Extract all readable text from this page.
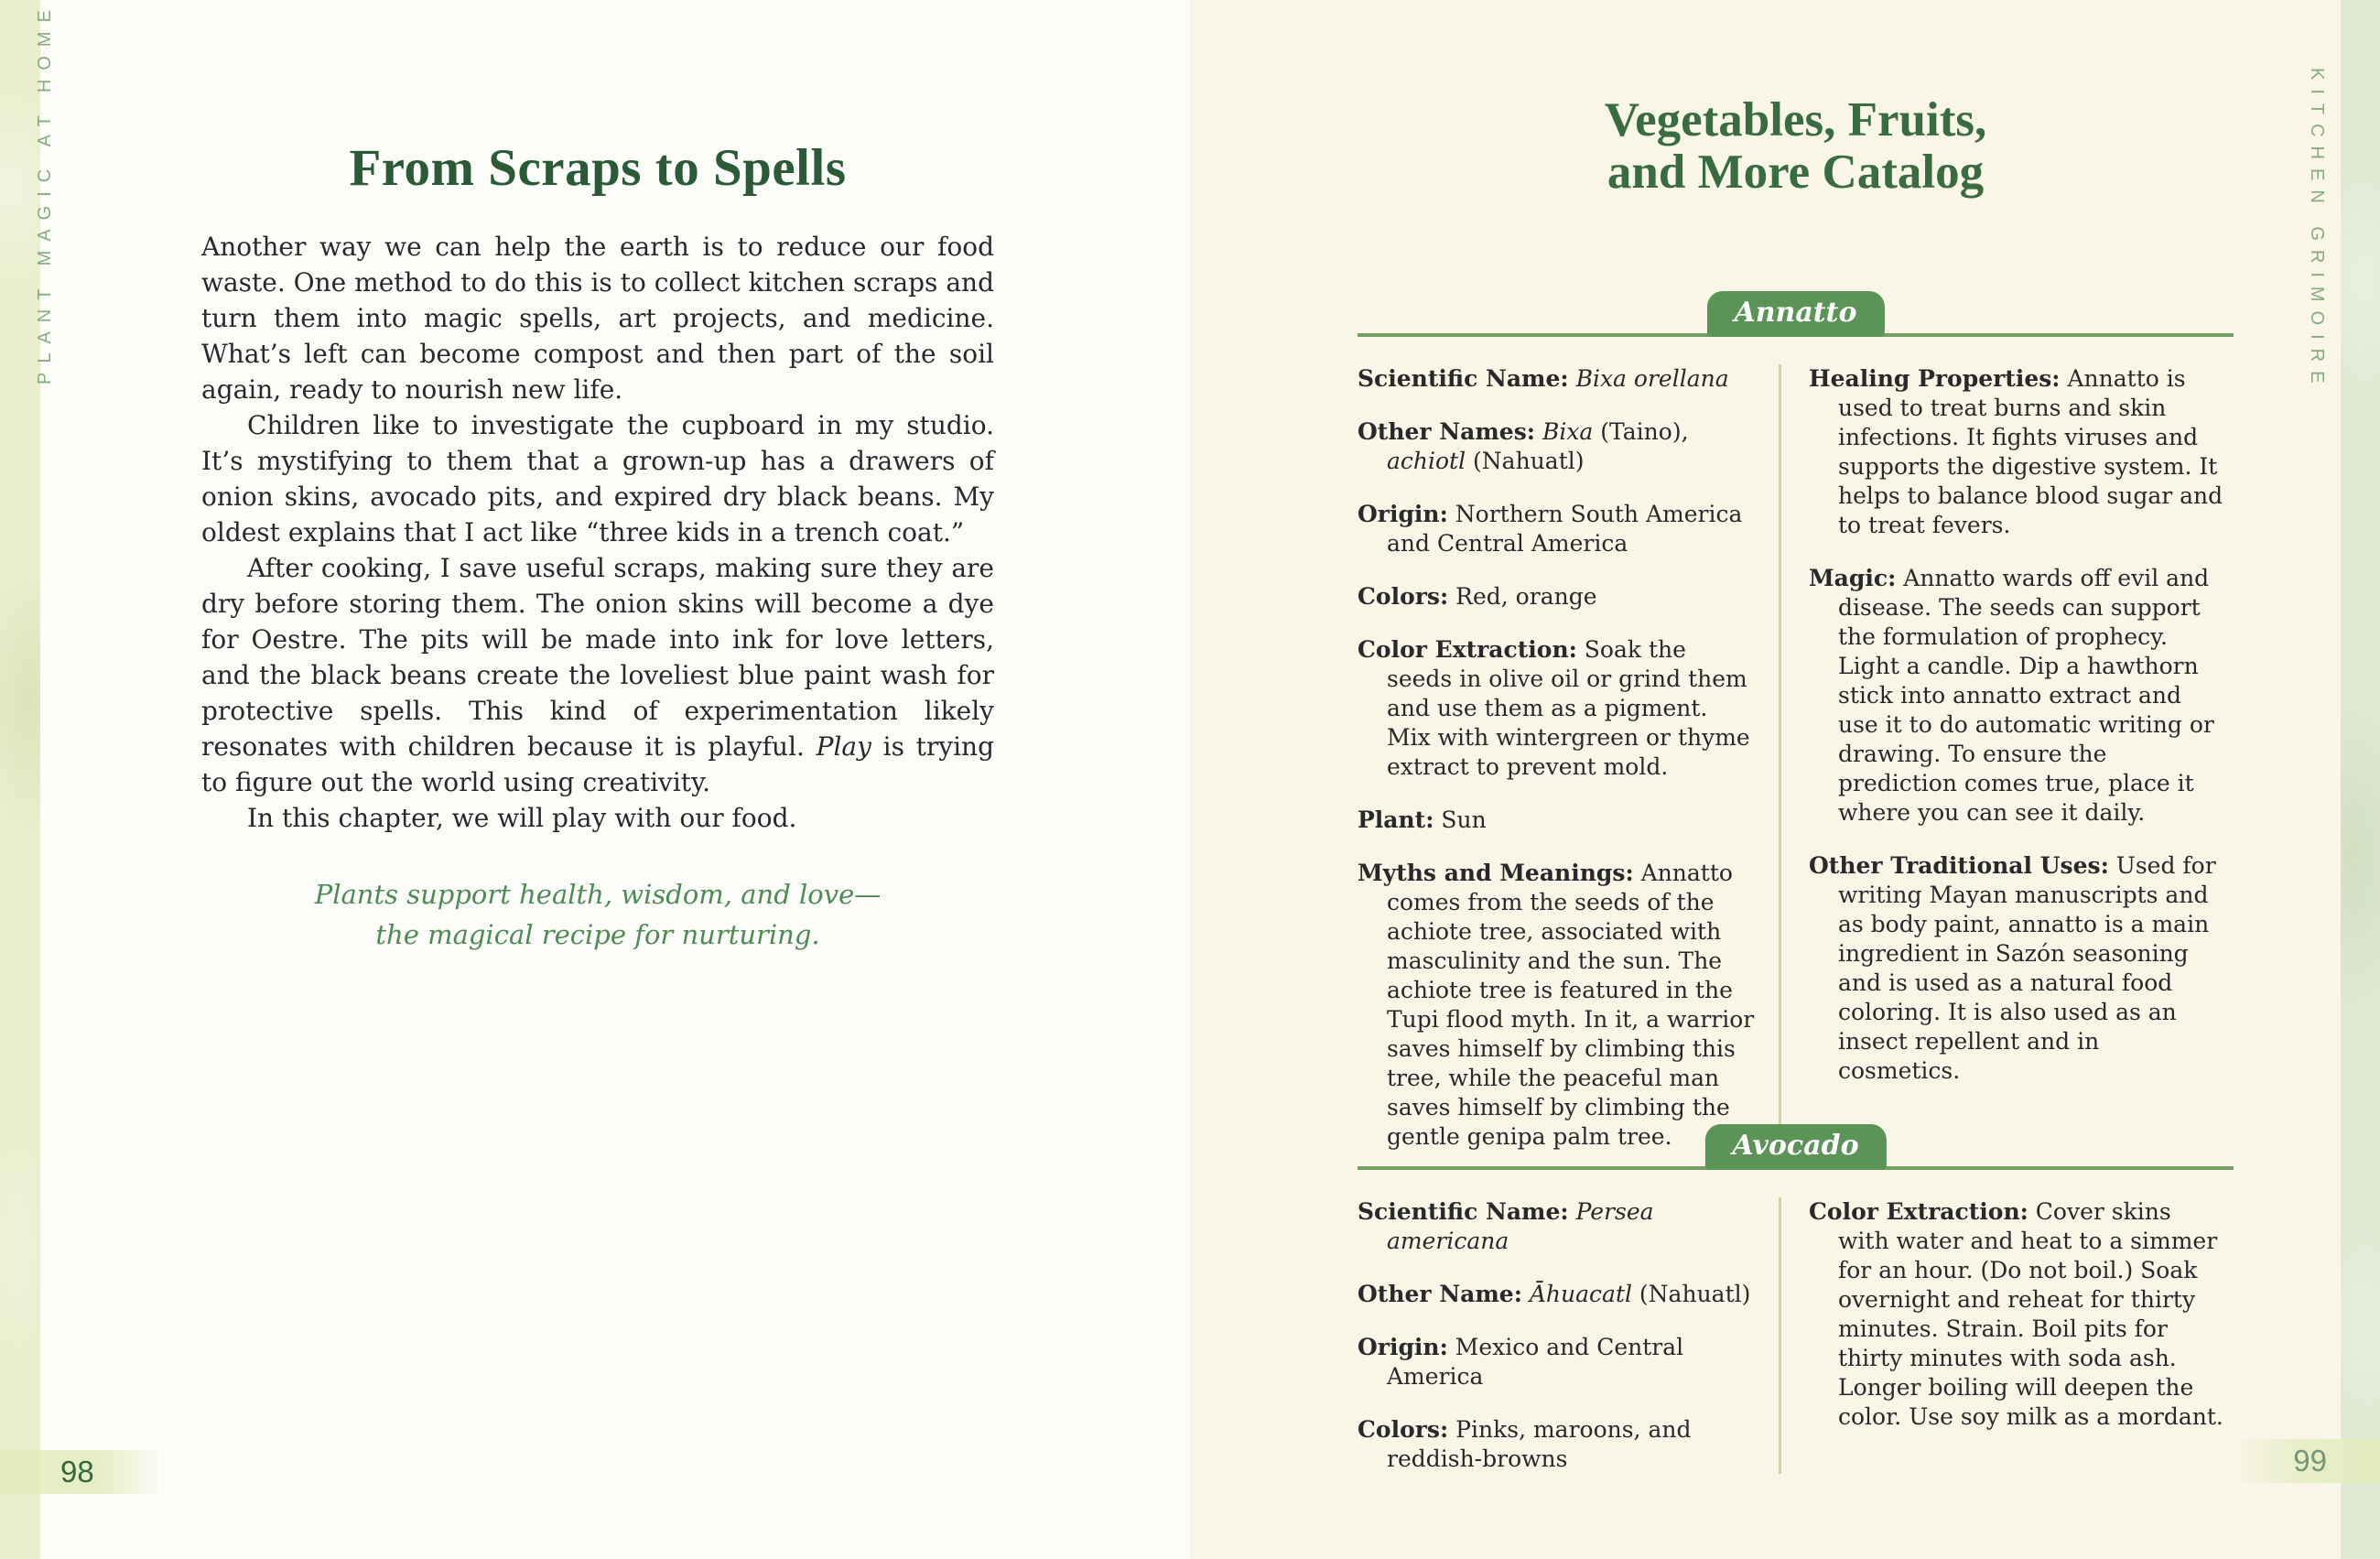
PLANT MAGIC AT HOME	From Scraps to Spells

Another way we can help the earth is to reduce our food waste. One method to do this is to collect kitchen scraps and turn them into magic spells, art projects, and medicine. What’s left can become compost and then part of the soil again, ready to nourish new life.

Children like to investigate the cupboard in my studio. It’s mystifying to them that a grown-up has a drawers of onion skins, avocado pits, and expired dry black beans. My oldest explains that I act like “three kids in a trench coat.”

After cooking, I save useful scraps, making sure they are dry before storing them. The onion skins will become a dye for Oestre. The pits will be made into ink for love letters, and the black beans create the loveliest blue paint wash for protective spells. This kind of experimentation likely resonates with children because it is playful. Play is trying to figure out the world using creativity.

In this chapter, we will play with our food.

Plants support health, wisdom, and love—
the magical recipe for nurturing.
98
KITCHEN GRIMOIRE
Vegetables, Fruits,
and More Catalog
Annatto

Scientific Name: Bixa orellana

Other Names: Bixa (Taino), achiotl (Nahuatl)

Origin: Northern South America and Central America

Colors: Red, orange

Color Extraction: Soak the seeds in olive oil or grind them and use them as a pigment. Mix with wintergreen or thyme extract to prevent mold.

Plant: Sun

Myths and Meanings: Annatto comes from the seeds of the achiote tree, associated with masculinity and the sun. The achiote tree is featured in the Tupi flood myth. In it, a warrior saves himself by climbing this tree, while the peaceful man saves himself by climbing the gentle genipa palm tree.

Healing Properties: Annatto is used to treat burns and skin infections. It fights viruses and supports the digestive system. It helps to balance blood sugar and to treat fevers.

Magic: Annatto wards off evil and disease. The seeds can support the formulation of prophecy. Light a candle. Dip a hawthorn stick into annatto extract and use it to do automatic writing or drawing. To ensure the prediction comes true, place it where you can see it daily.

Other Traditional Uses: Used for writing Mayan manuscripts and as body paint, annatto is a main ingredient in Sazón seasoning and is used as a natural food coloring. It is also used as an insect repellent and in cosmetics.

Avocado

Scientific Name: Persea americana

Other Name: Āhuacatl (Nahuatl)

Origin: Mexico and Central America

Colors: Pinks, maroons, and reddish-browns

Color Extraction: Cover skins with water and heat to a simmer for an hour. (Do not boil.) Soak overnight and reheat for thirty minutes. Strain. Boil pits for thirty minutes with soda ash. Longer boiling will deepen the color. Use soy milk as a mordant.

99
